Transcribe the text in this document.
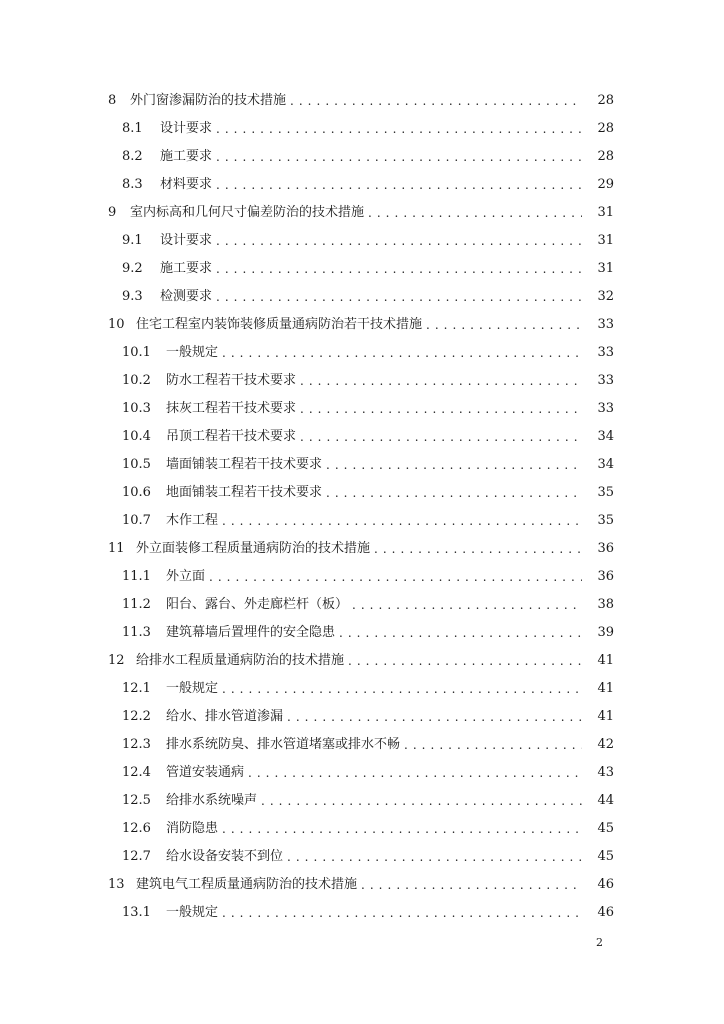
8	外门窗渗漏防治的技术措施 . . .	28
8.1	设计要求 . . .	28
8.2	施工要求 . . .	28
8.3	材料要求 . . .	29
9	室内标高和几何尺寸偏差防治的技术措施 . . .	31
9.1	设计要求 . . .	31
9.2	施工要求 . . .	31
9.3	检测要求 . . .	32
10 住宅工程室内装饰装修质量通病防治若干技术措施 . . .	33
10.1	一般规定 . . .	33
10.2	防水工程若干技术要求 . . .	33
10.3	抹灰工程若干技术要求 . . .	33
10.4	吊顶工程若干技术要求 . . .	34
10.5	墙面铺装工程若干技术要求 . . .	34
10.6	地面铺装工程若干技术要求 . . .	35
10.7	木作工程 . . .	35
11 外立面装修工程质量通病防治的技术措施 . . .	36
11.1	外立面 . . .	36
11.2	阳台、露台、外走廊栏杆（板） . . .	38
11.3	建筑幕墙后置埋件的安全隐患 . . .	39
12 给排水工程质量通病防治的技术措施 . . .	41
12.1	一般规定 . . .	41
12.2	给水、排水管道渗漏 . . .	41
12.3	排水系统防臭、排水管道堵塞或排水不畅 . . .	42
12.4	管道安装通病 . . .	43
12.5	给排水系统噪声 . . .	44
12.6	消防隐患 . . .	45
12.7	给水设备安装不到位 . . .	45
13 建筑电气工程质量通病防治的技术措施 . . .	46
13.1	一般规定 . . .	46
2
